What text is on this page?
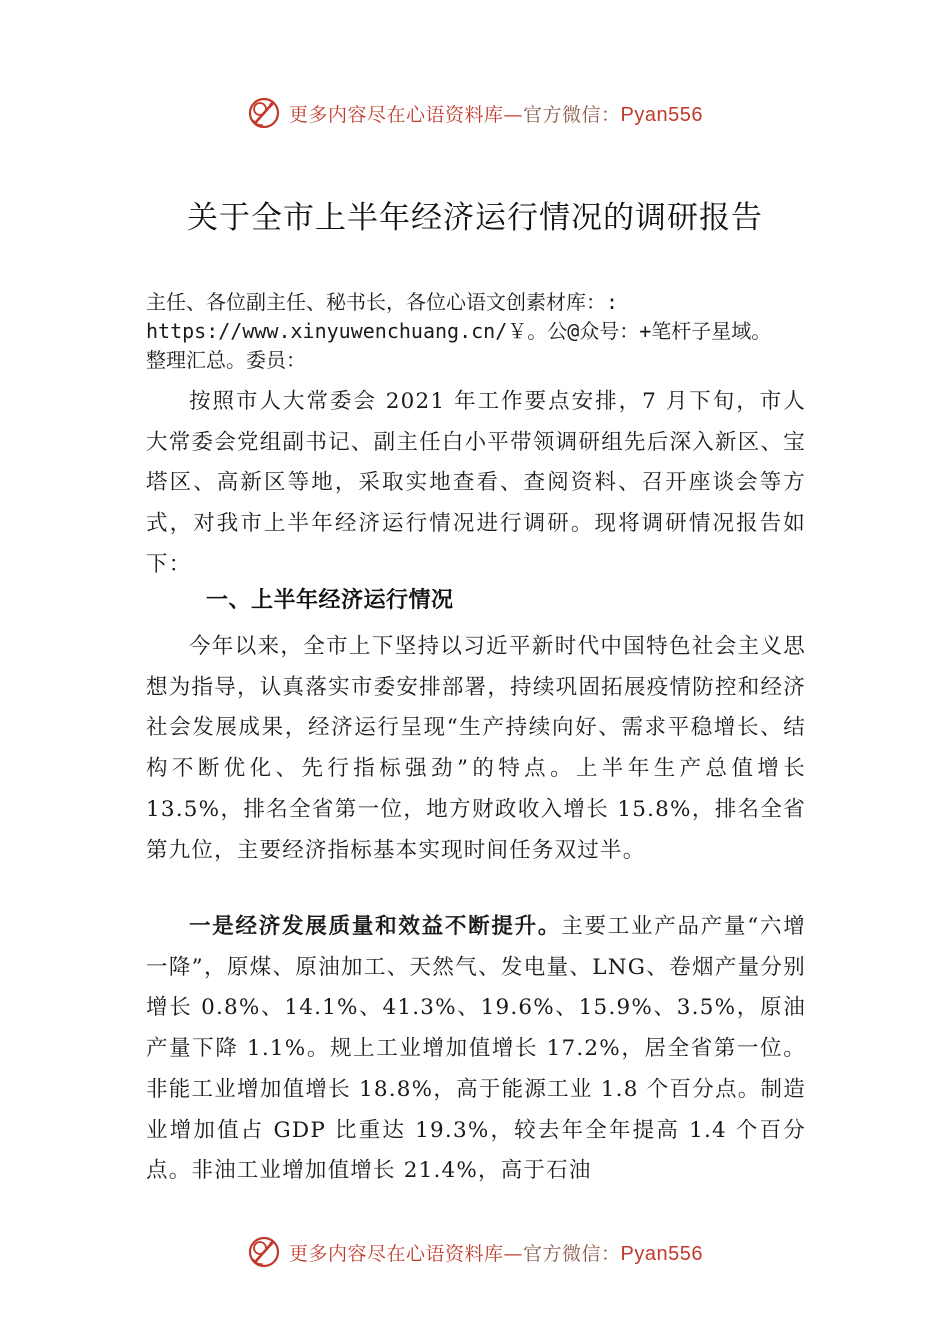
更多内容尽在心语资料库—官方微信：Pyan556
关于全市上半年经济运行情况的调研报告
主任、各位副主任、秘书长，各位心语文创素材库：:
https://www.xinyuwenchuang.cn/￥。公@众号：+笔杆子星域。
整理汇总。委员：
按照市人大常委会 2021 年工作要点安排，7 月下旬，市人大常委会党组副书记、副主任白小平带领调研组先后深入新区、宝塔区、高新区等地，采取实地查看、查阅资料、召开座谈会等方式，对我市上半年经济运行情况进行调研。现将调研情况报告如下：
一、上半年经济运行情况
今年以来，全市上下坚持以习近平新时代中国特色社会主义思想为指导，认真落实市委安排部署，持续巩固拓展疫情防控和经济社会发展成果，经济运行呈现“生产持续向好、需求平稳增长、结构不断优化、先行指标强劲”的特点。上半年生产总值增长 13.5%，排名全省第一位，地方财政收入增长 15.8%，排名全省第九位，主要经济指标基本实现时间任务双过半。
一是经济发展质量和效益不断提升。主要工业产品产量“六增一降”，原煤、原油加工、天然气、发电量、LNG、卷烟产量分别增长 0.8%、14.1%、41.3%、19.6%、15.9%、3.5%，原油产量下降 1.1%。规上工业增加值增长 17.2%，居全省第一位。非能工业增加值增长 18.8%，高于能源工业 1.8 个百分点。制造业增加值占 GDP 比重达 19.3%，较去年全年提高 1.4 个百分点。非油工业增加值增长 21.4%，高于石油
更多内容尽在心语资料库—官方微信：Pyan556
